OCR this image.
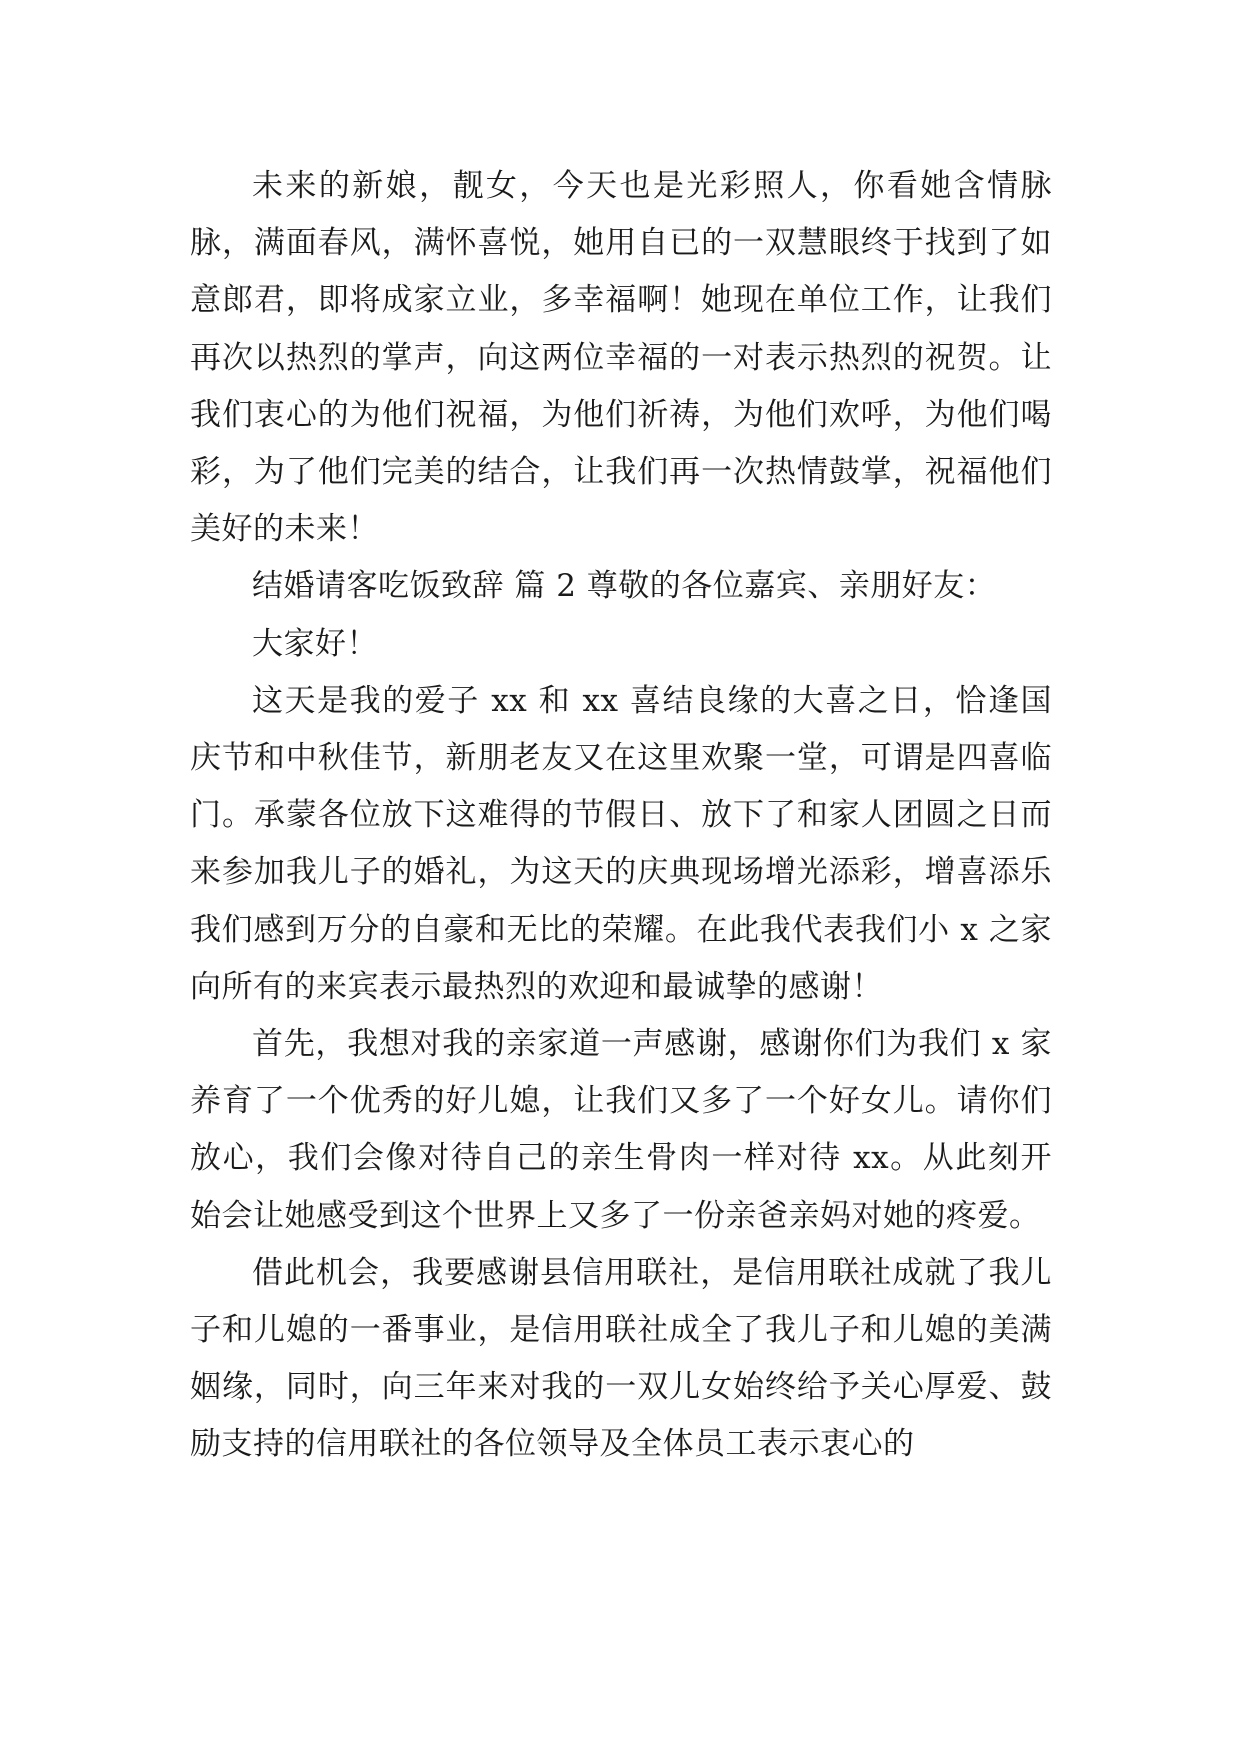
未来的新娘，靓女，今天也是光彩照人，你看她含情脉脉，满面春风，满怀喜悦，她用自已的一双慧眼终于找到了如意郎君，即将成家立业，多幸福啊！她现在单位工作，让我们再次以热烈的掌声，向这两位幸福的一对表示热烈的祝贺。让我们衷心的为他们祝福，为他们祈祷，为他们欢呼，为他们喝彩，为了他们完美的结合，让我们再一次热情鼓掌，祝福他们美好的未来！

结婚请客吃饭致辞 篇 2 尊敬的各位嘉宾、亲朋好友：

大家好！

这天是我的爱子 xx 和 xx 喜结良缘的大喜之日，恰逢国庆节和中秋佳节，新朋老友又在这里欢聚一堂，可谓是四喜临门。承蒙各位放下这难得的节假日、放下了和家人团圆之日而来参加我儿子的婚礼，为这天的庆典现场增光添彩，增喜添乐我们感到万分的自豪和无比的荣耀。在此我代表我们小 x 之家向所有的来宾表示最热烈的欢迎和最诚挚的感谢！

首先，我想对我的亲家道一声感谢，感谢你们为我们 x 家养育了一个优秀的好儿媳，让我们又多了一个好女儿。请你们放心，我们会像对待自己的亲生骨肉一样对待 xx。从此刻开始会让她感受到这个世界上又多了一份亲爸亲妈对她的疼爱。

借此机会，我要感谢县信用联社，是信用联社成就了我儿子和儿媳的一番事业，是信用联社成全了我儿子和儿媳的美满姻缘，同时，向三年来对我的一双儿女始终给予关心厚爱、鼓励支持的信用联社的各位领导及全体员工表示衷心的
